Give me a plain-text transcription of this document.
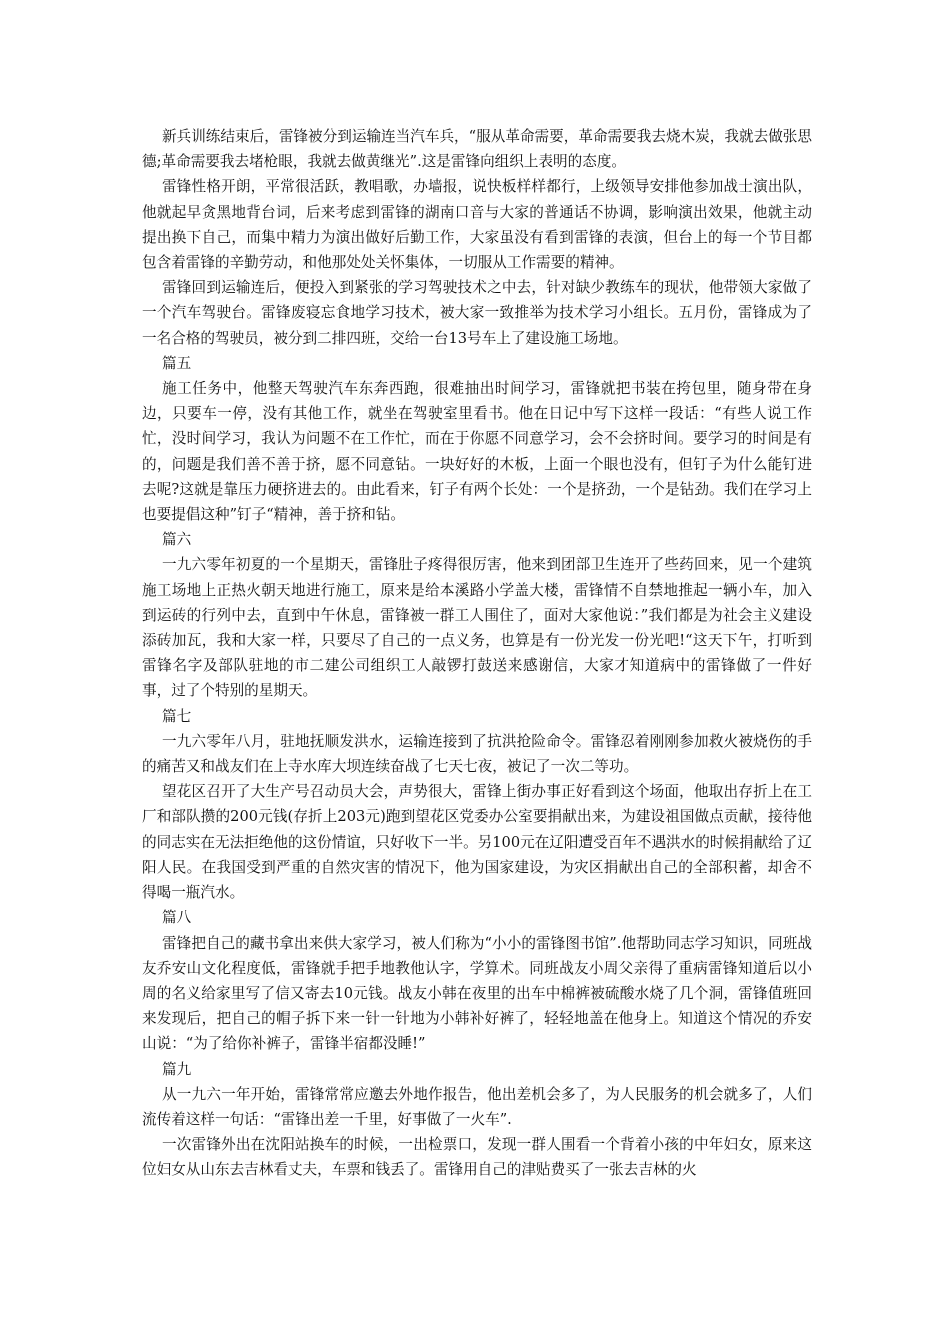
新兵训练结束后，雷锋被分到运输连当汽车兵，“服从革命需要，革命需要我去烧木炭，我就去做张思德;革命需要我去堵枪眼，我就去做黄继光”.这是雷锋向组织上表明的态度。

雷锋性格开朗，平常很活跃，教唱歌，办墙报，说快板样样都行，上级领导安排他参加战士演出队，他就起早贪黑地背台词，后来考虑到雷锋的湖南口音与大家的普通话不协调，影响演出效果，他就主动提出换下自己，而集中精力为演出做好后勤工作，大家虽没有看到雷锋的表演，但台上的每一个节目都包含着雷锋的辛勤劳动，和他那处处关怀集体，一切服从工作需要的精神。

雷锋回到运输连后，便投入到紧张的学习驾驶技术之中去，针对缺少教练车的现状，他带领大家做了一个汽车驾驶台。雷锋废寝忘食地学习技术，被大家一致推举为技术学习小组长。五月份，雷锋成为了一名合格的驾驶员，被分到二排四班，交给一台13号车上了建设施工场地。

篇五

施工任务中，他整天驾驶汽车东奔西跑，很难抽出时间学习，雷锋就把书装在挎包里，随身带在身边，只要车一停，没有其他工作，就坐在驾驶室里看书。他在日记中写下这样一段话：“有些人说工作忙，没时间学习，我认为问题不在工作忙，而在于你愿不同意学习，会不会挤时间。要学习的时间是有的，问题是我们善不善于挤，愿不同意钻。一块好好的木板，上面一个眼也没有，但钉子为什么能钉进去呢?这就是靠压力硬挤进去的。由此看来，钉子有两个长处：一个是挤劲，一个是钻劲。我们在学习上也要提倡这种”钉子“精神，善于挤和钻。

篇六

一九六零年初夏的一个星期天，雷锋肚子疼得很厉害，他来到团部卫生连开了些药回来，见一个建筑施工场地上正热火朝天地进行施工，原来是给本溪路小学盖大楼，雷锋情不自禁地推起一辆小车，加入到运砖的行列中去，直到中午休息，雷锋被一群工人围住了，面对大家他说：”我们都是为社会主义建设添砖加瓦，我和大家一样，只要尽了自己的一点义务，也算是有一份光发一份光吧!“这天下午，打听到雷锋名字及部队驻地的市二建公司组织工人敲锣打鼓送来感谢信，大家才知道病中的雷锋做了一件好事，过了个特别的星期天。

篇七

一九六零年八月，驻地抚顺发洪水，运输连接到了抗洪抢险命令。雷锋忍着刚刚参加救火被烧伤的手的痛苦又和战友们在上寺水库大坝连续奋战了七天七夜，被记了一次二等功。

望花区召开了大生产号召动员大会，声势很大，雷锋上街办事正好看到这个场面，他取出存折上在工厂和部队攒的200元钱(存折上203元)跑到望花区党委办公室要捐献出来，为建设祖国做点贡献，接待他的同志实在无法拒绝他的这份情谊，只好收下一半。另100元在辽阳遭受百年不遇洪水的时候捐献给了辽阳人民。在我国受到严重的自然灾害的情况下，他为国家建设，为灾区捐献出自己的全部积蓄，却舍不得喝一瓶汽水。

篇八

雷锋把自己的藏书拿出来供大家学习，被人们称为“小小的雷锋图书馆”.他帮助同志学习知识，同班战友乔安山文化程度低，雷锋就手把手地教他认字，学算术。同班战友小周父亲得了重病雷锋知道后以小周的名义给家里写了信又寄去10元钱。战友小韩在夜里的出车中棉裤被硫酸水烧了几个洞，雷锋值班回来发现后，把自己的帽子拆下来一针一针地为小韩补好裤了，轻轻地盖在他身上。知道这个情况的乔安山说：“为了给你补裤子，雷锋半宿都没睡!”

篇九

从一九六一年开始，雷锋常常应邀去外地作报告，他出差机会多了，为人民服务的机会就多了，人们流传着这样一句话：“雷锋出差一千里，好事做了一火车”.

一次雷锋外出在沈阳站换车的时候，一出检票口，发现一群人围看一个背着小孩的中年妇女，原来这位妇女从山东去吉林看丈夫，车票和钱丢了。雷锋用自己的津贴费买了一张去吉林的火
